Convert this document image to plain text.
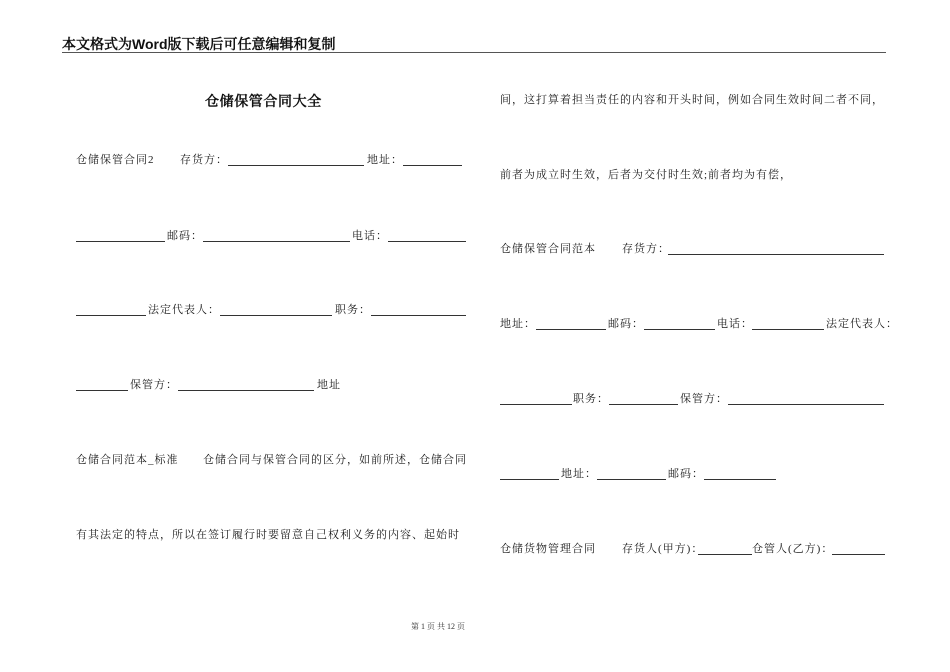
本文格式为Word版下载后可任意编辑和复制
仓储保管合同大全
仓储保管合同2 存货方：	地址：
邮码：	电话：
法定代表人：	职务：
保管方：	地址
仓储合同范本_标准 仓储合同与保管合同的区分，如前所述，仓储合同
有其法定的特点，所以在签订履行时要留意自己权利义务的内容、起始时
间，这打算着担当责任的内容和开头时间，例如合同生效时间二者不同，
前者为成立时生效，后者为交付时生效;前者均为有偿，
仓储保管合同范本 存货方：
地址：	邮码：	电话：	法定代表人：
职务：	保管方：
地址：	邮码：
仓储货物管理合同 存货人(甲方)：	仓管人(乙方)：
第 1 页 共 12 页
